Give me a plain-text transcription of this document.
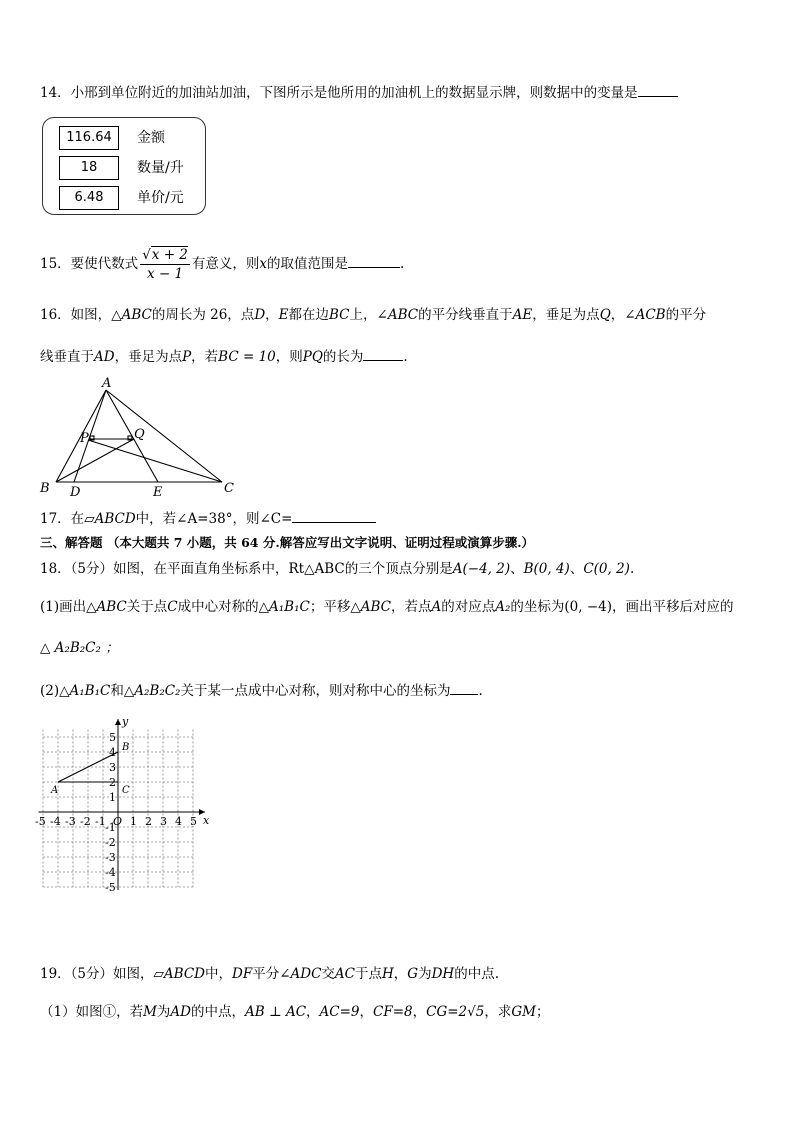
14．小邢到单位附近的加油站加油，下图所示是他所用的加油机上的数据显示牌，则数据中的变量是
116.64	金额
18	数量/升
6.48	单价/元
15．要使代数式 $\frac{√x + 2}{x - 1}$ 有意义，则x的取值范围是	.
16．如图，△ABC的周长为 26，点D，E都在边BC上，∠ABC的平分线垂直于AE，垂足为点Q，∠ACB的平分
线垂直于AD，垂足为点P，若BC = 10，则PQ的长为	.
A
B	C
D	E
P	Q
17．在▱ABCD中，若∠A=38°，则∠C=
三、解答题 （本大题共 7 小题，共 64 分.解答应写出文字说明、证明过程或演算步骤.）
18．（5分）如图，在平面直角坐标系中，Rt△ABC的三个顶点分别是A(−4, 2)、B(0, 4)、C(0, 2).
(1)画出△ABC关于点C成中心对称的△A₁B₁C；平移△ABC，若点A的对应点A₂的坐标为(0, −4)，画出平移后对应的
△ A₂B₂C₂ ；
(2)△A₁B₁C和△A₂B₂C₂关于某一点成中心对称，则对称中心的坐标为 .
-5 -4 -3 -2 -1 O 1 2 3 4 5
5
4
3
2
1
-1
-2
-3
-4
-5
x
y
A
B
C
19．（5分）如图，▱ABCD中，DF平分∠ADC交AC于点H，G为DH的中点.
（1）如图①，若M为AD的中点，AB ⊥ AC，AC=9，CF=8，CG=2√5，求GM；
